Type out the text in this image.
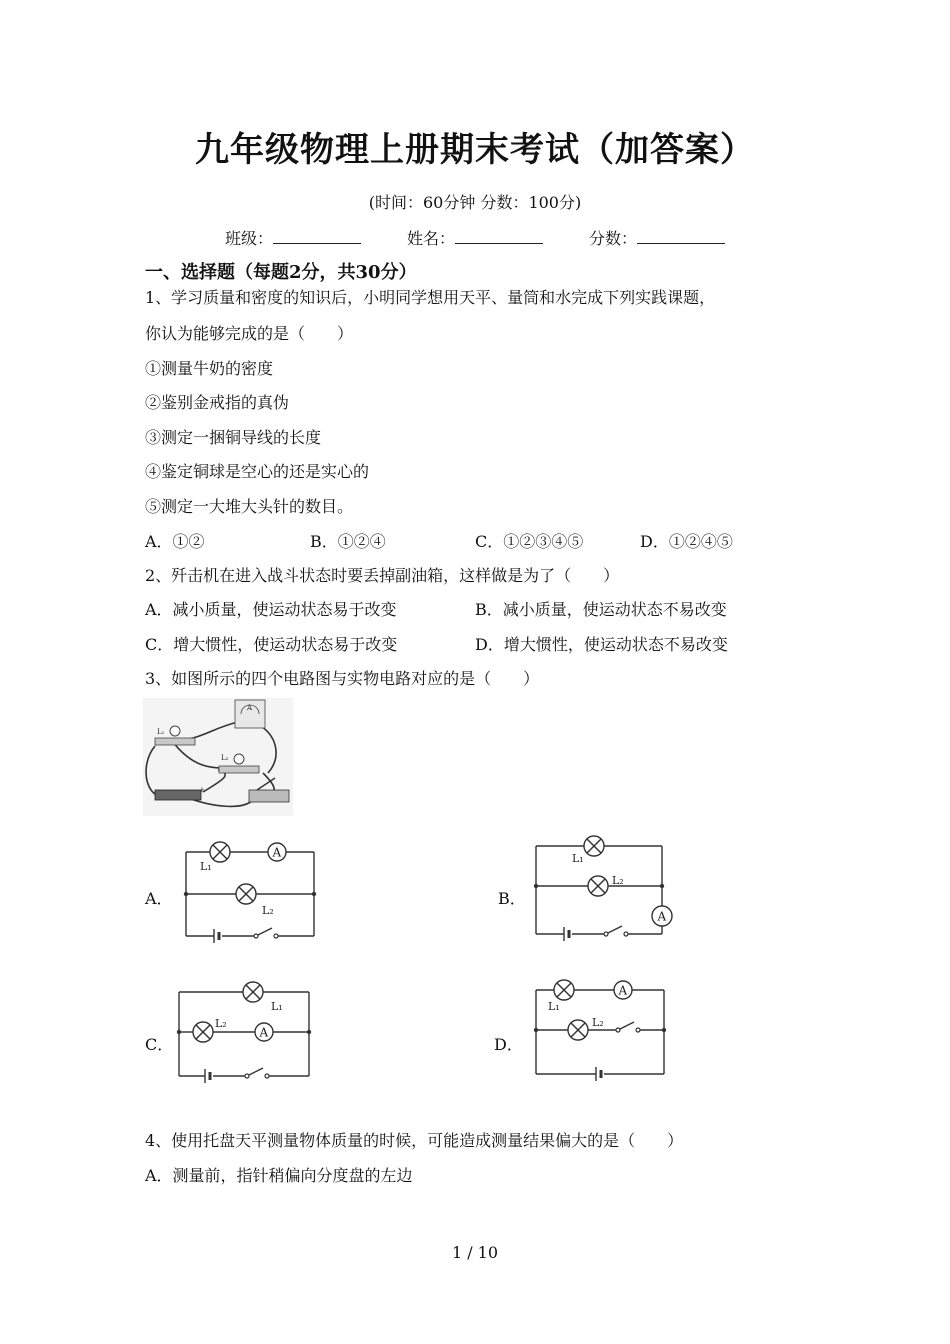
九年级物理上册期末考试（加答案）
(时间：60分钟 分数：100分)
班级：	姓名：	分数：
一、选择题（每题2分，共30分）
1、学习质量和密度的知识后，小明同学想用天平、量筒和水完成下列实践课题，
你认为能够完成的是（　　）
①测量牛奶的密度
②鉴别金戒指的真伪
③测定一捆铜导线的长度
④鉴定铜球是空心的还是实心的
⑤测定一大堆大头针的数目。
A．①②	B．①②④	C．①②③④⑤	D．①②④⑤
2、歼击机在进入战斗状态时要丢掉副油箱，这样做是为了（　　）
A．减小质量，使运动状态易于改变	B．减小质量，使运动状态不易改变
C．增大惯性，使运动状态易于改变	D．增大惯性，使运动状态不易改变
3、如图所示的四个电路图与实物电路对应的是（　　）
L₁
A
L₂
+
A．
A
L₁
L₂
B．
A
L₁
L₂
C．
A
L₁
L₂
D．
A
L₁
L₂
4、使用托盘天平测量物体质量的时候，可能造成测量结果偏大的是（　　）
A．测量前，指针稍偏向分度盘的左边
1 / 10
